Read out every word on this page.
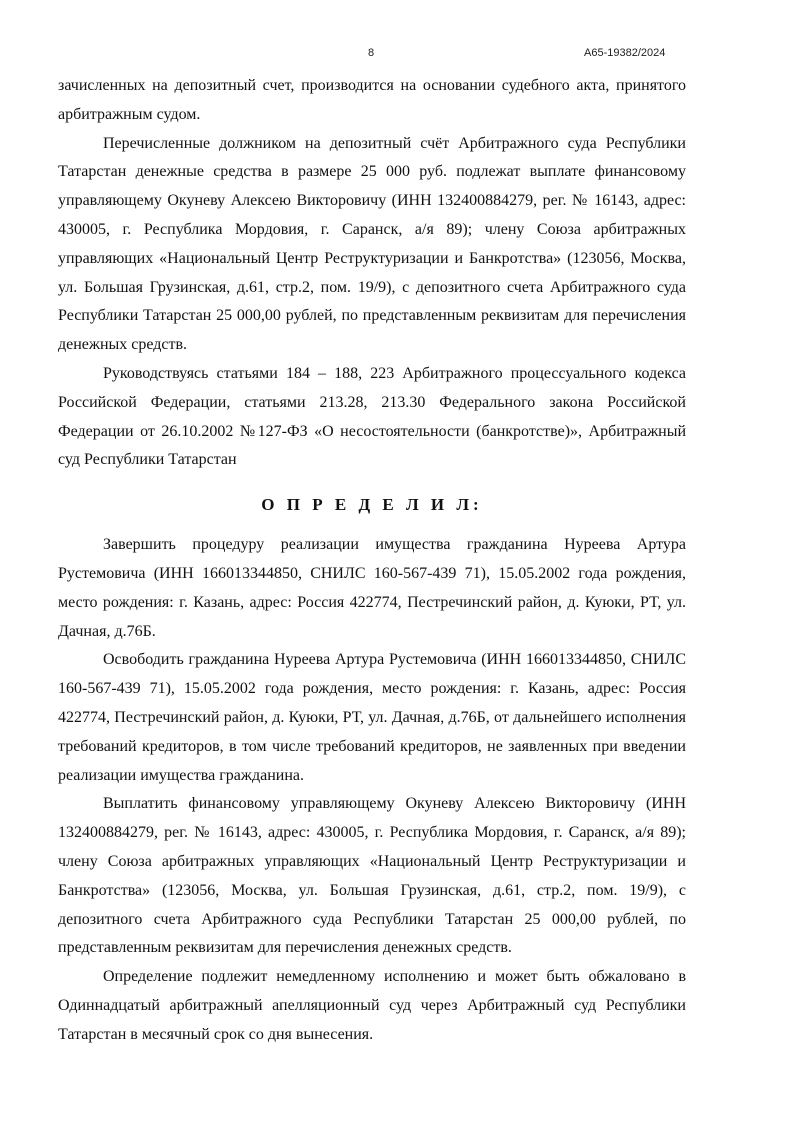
8	А65-19382/2024

зачисленных на депозитный счет, производится на основании судебного акта, принятого арбитражным судом.

Перечисленные должником на депозитный счёт Арбитражного суда Республики Татарстан денежные средства в размере 25 000 руб. подлежат выплате финансовому управляющему Окуневу Алексею Викторовичу (ИНН 132400884279, рег. № 16143, адрес: 430005, г. Республика Мордовия, г. Саранск, а/я 89); члену Союза арбитражных управляющих «Национальный Центр Реструктуризации и Банкротства» (123056, Москва, ул. Большая Грузинская, д.61, стр.2, пом. 19/9), с депозитного счета Арбитражного суда Республики Татарстан 25 000,00 рублей, по представленным реквизитам для перечисления денежных средств.

Руководствуясь статьями 184 – 188, 223 Арбитражного процессуального кодекса Российской Федерации, статьями 213.28, 213.30 Федерального закона Российской Федерации от 26.10.2002 №127-ФЗ «О несостоятельности (банкротстве)», Арбитражный суд Республики Татарстан

О П Р Е Д Е Л И Л:

Завершить процедуру реализации имущества гражданина Нуреева Артура Рустемовича (ИНН 166013344850, СНИЛС 160-567-439 71), 15.05.2002 года рождения, место рождения: г. Казань, адрес: Россия 422774, Пестречинский район, д. Куюки, РТ, ул. Дачная, д.76Б.

Освободить гражданина Нуреева Артура Рустемовича (ИНН 166013344850, СНИЛС 160-567-439 71), 15.05.2002 года рождения, место рождения: г. Казань, адрес: Россия 422774, Пестречинский район, д. Куюки, РТ, ул. Дачная, д.76Б, от дальнейшего исполнения требований кредиторов, в том числе требований кредиторов, не заявленных при введении реализации имущества гражданина.

Выплатить финансовому управляющему Окуневу Алексею Викторовичу (ИНН 132400884279, рег. № 16143, адрес: 430005, г. Республика Мордовия, г. Саранск, а/я 89); члену Союза арбитражных управляющих «Национальный Центр Реструктуризации и Банкротства» (123056, Москва, ул. Большая Грузинская, д.61, стр.2, пом. 19/9), с депозитного счета Арбитражного суда Республики Татарстан 25 000,00 рублей, по представленным реквизитам для перечисления денежных средств.

Определение подлежит немедленному исполнению и может быть обжаловано в Одиннадцатый арбитражный апелляционный суд через Арбитражный суд Республики Татарстан в месячный срок со дня вынесения.
